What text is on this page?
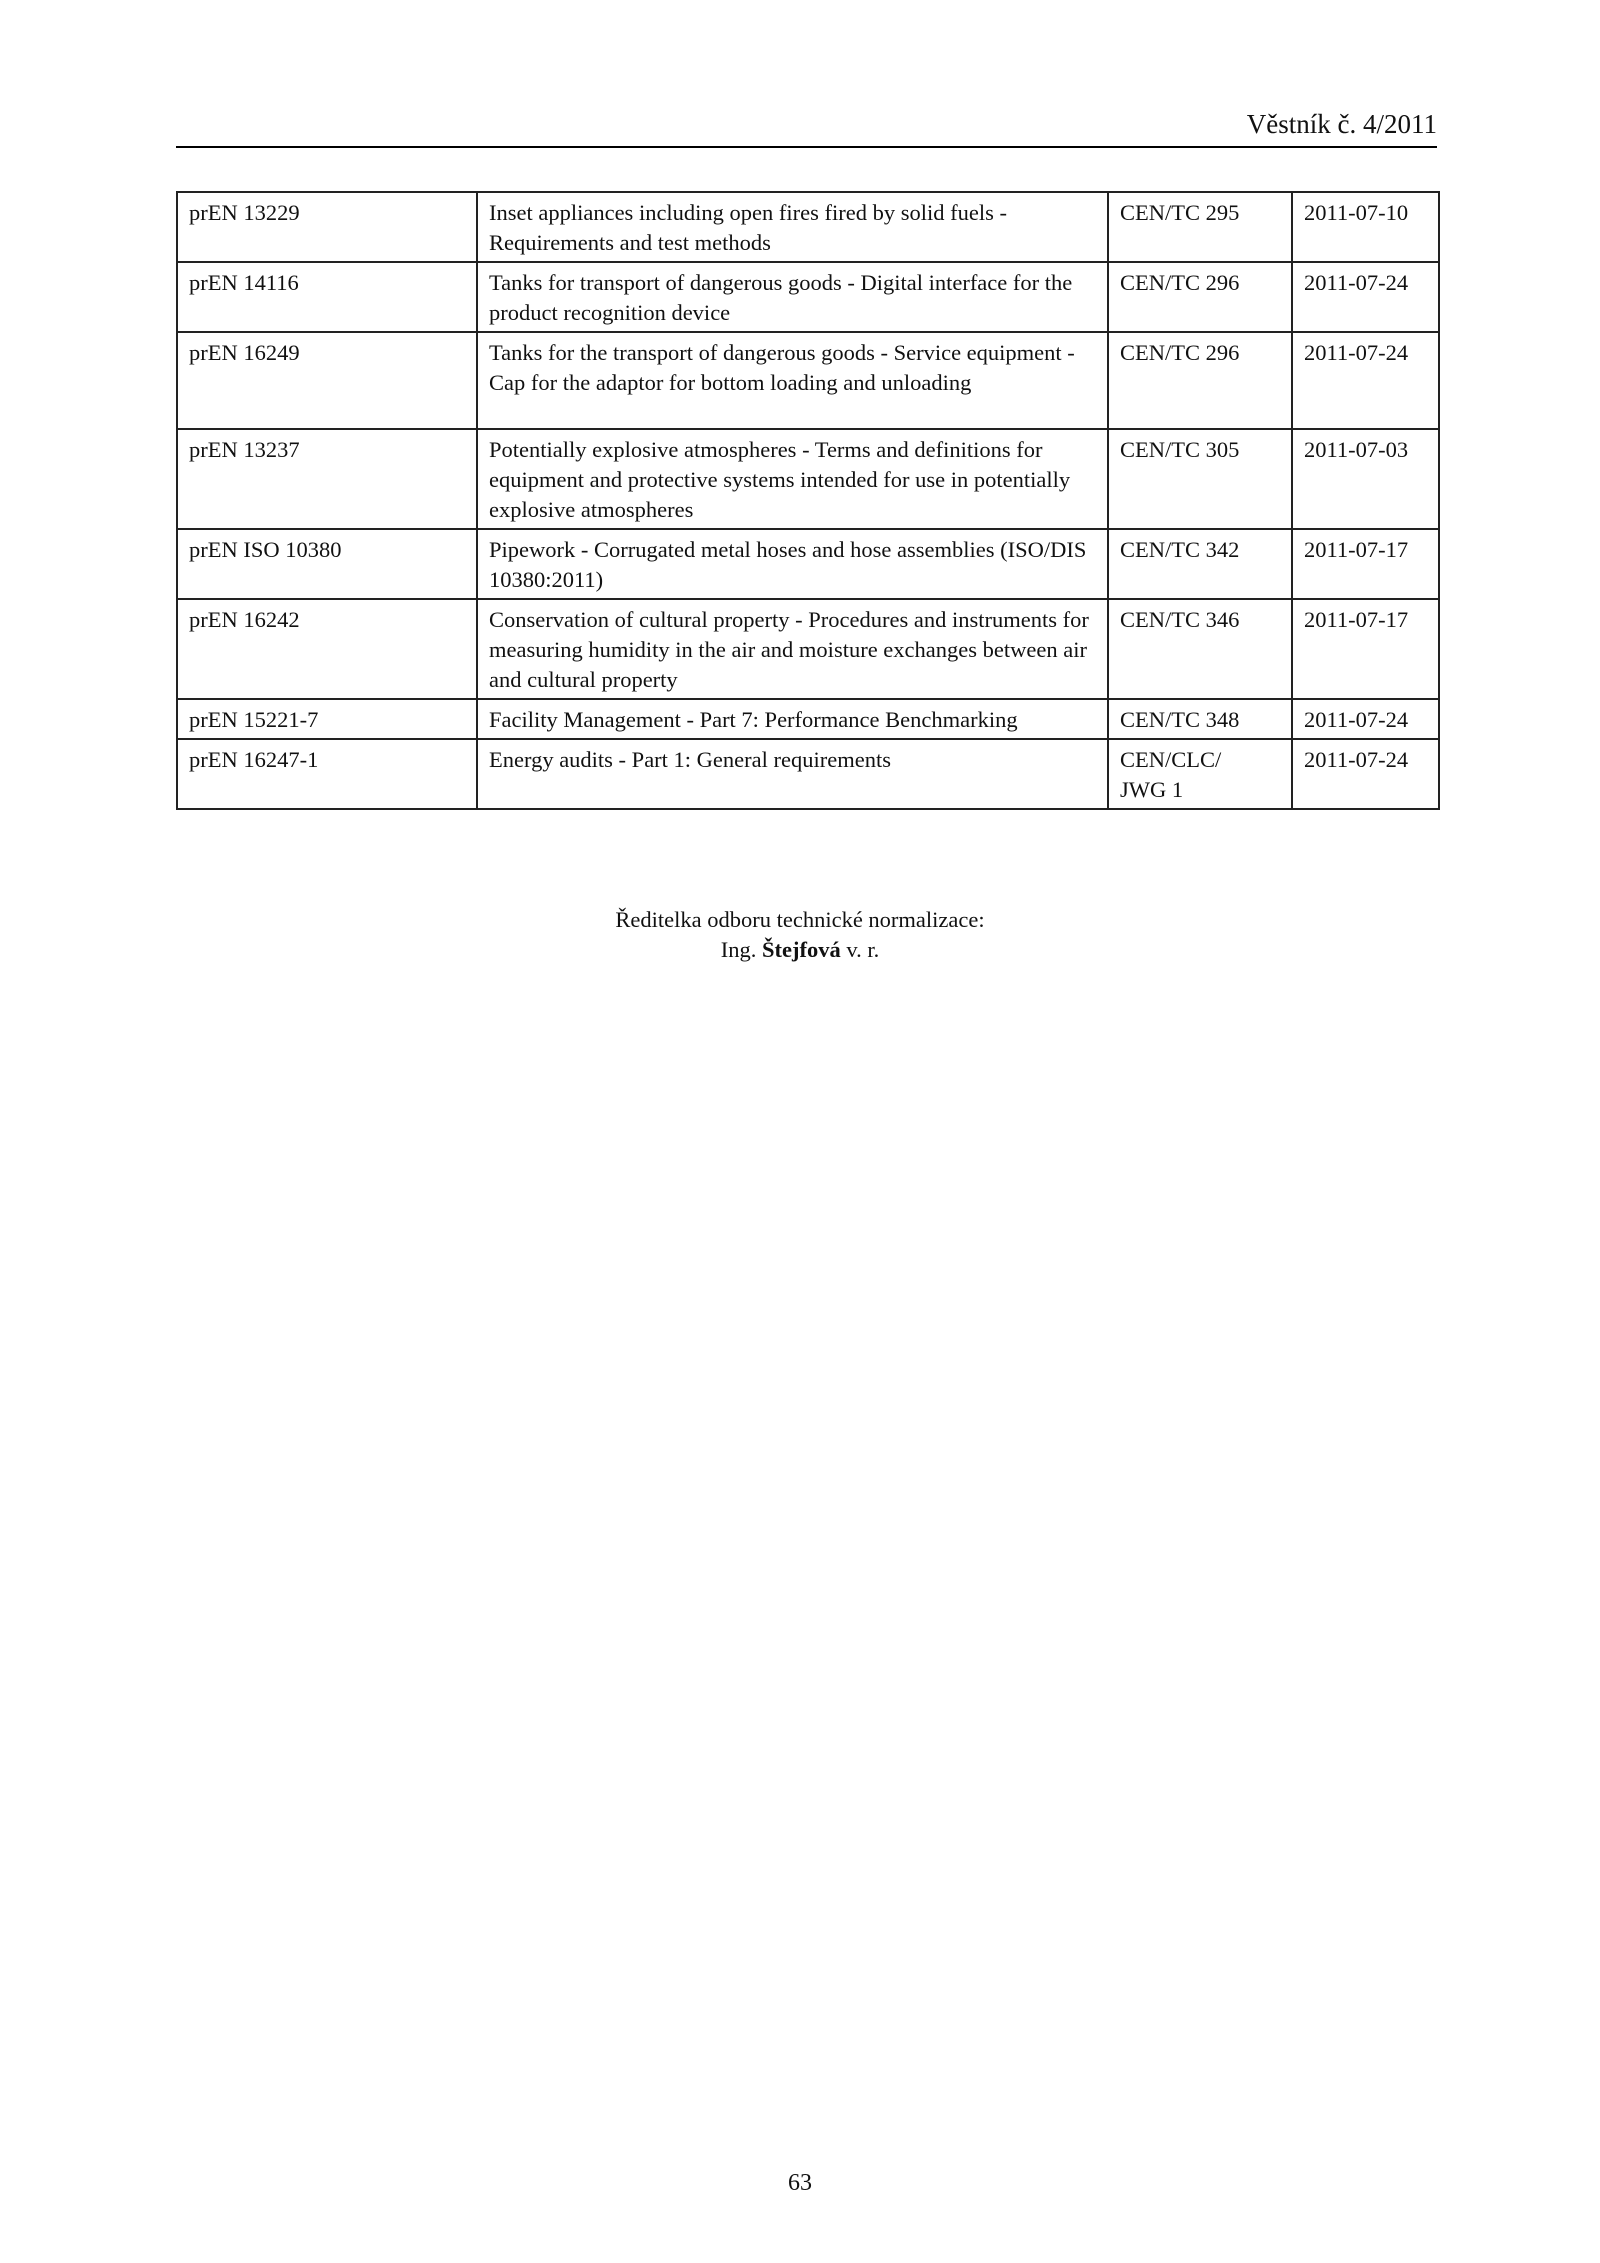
Věstník č. 4/2011
prEN 13229	Inset appliances including open fires fired by solid fuels - Requirements and test methods	CEN/TC 295	2011-07-10
prEN 14116	Tanks for transport of dangerous goods - Digital interface for the product recognition device	CEN/TC 296	2011-07-24
prEN 16249	Tanks for the transport of dangerous goods - Service equipment - Cap for the adaptor for bottom loading and unloading	CEN/TC 296	2011-07-24
prEN 13237	Potentially explosive atmospheres - Terms and definitions for equipment and protective systems intended for use in potentially explosive atmospheres	CEN/TC 305	2011-07-03
prEN ISO 10380	Pipework - Corrugated metal hoses and hose assemblies (ISO/DIS 10380:2011)	CEN/TC 342	2011-07-17
prEN 16242	Conservation of cultural property - Procedures and instruments for measuring humidity in the air and moisture exchanges between air and cultural property	CEN/TC 346	2011-07-17
prEN 15221-7	Facility Management - Part 7: Performance Benchmarking	CEN/TC 348	2011-07-24
prEN 16247-1	Energy audits - Part 1: General requirements	CEN/CLC/ JWG 1	2011-07-24
Ředitelka odboru technické normalizace:
Ing. Štejfová v. r.
63
